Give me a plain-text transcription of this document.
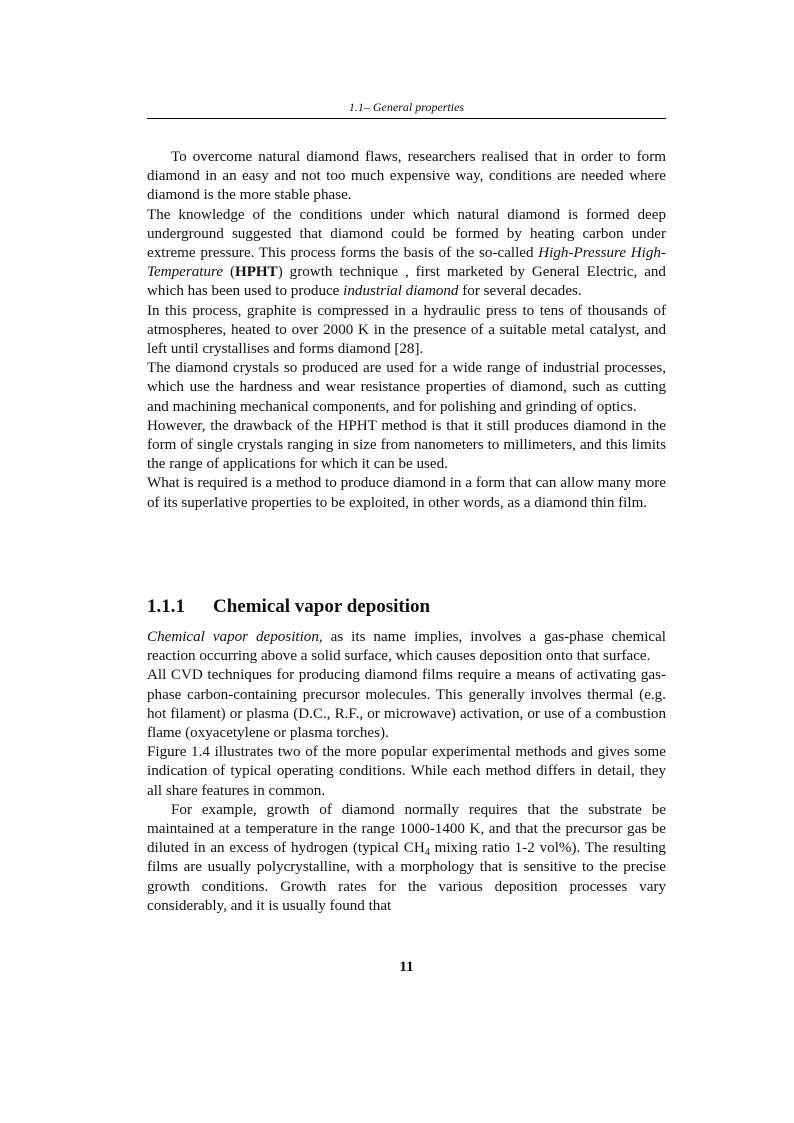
1.1– General properties

To overcome natural diamond flaws, researchers realised that in order to form diamond in an easy and not too much expensive way, conditions are needed where diamond is the more stable phase.

The knowledge of the conditions under which natural diamond is formed deep underground suggested that diamond could be formed by heating carbon under extreme pressure. This process forms the basis of the so-called High-Pressure High-Temperature (HPHT) growth technique , first marketed by General Electric, and which has been used to produce industrial diamond for several decades.

In this process, graphite is compressed in a hydraulic press to tens of thousands of atmospheres, heated to over 2000 K in the presence of a suitable metal catalyst, and left until crystallises and forms diamond [28].

The diamond crystals so produced are used for a wide range of industrial processes, which use the hardness and wear resistance properties of diamond, such as cutting and machining mechanical components, and for polishing and grinding of optics.

However, the drawback of the HPHT method is that it still produces diamond in the form of single crystals ranging in size from nanometers to millimeters, and this limits the range of applications for which it can be used.

What is required is a method to produce diamond in a form that can allow many more of its superlative properties to be exploited, in other words, as a diamond thin film.

1.1.1 Chemical vapor deposition

Chemical vapor deposition, as its name implies, involves a gas-phase chemical reaction occurring above a solid surface, which causes deposition onto that surface.

All CVD techniques for producing diamond films require a means of activating gas-phase carbon-containing precursor molecules. This generally involves thermal (e.g. hot filament) or plasma (D.C., R.F., or microwave) activation, or use of a combustion flame (oxyacetylene or plasma torches).

Figure 1.4 illustrates two of the more popular experimental methods and gives some indication of typical operating conditions. While each method differs in detail, they all share features in common.

For example, growth of diamond normally requires that the substrate be maintained at a temperature in the range 1000-1400 K, and that the precursor gas be diluted in an excess of hydrogen (typical $CH_4$ mixing ratio 1-2 vol%). The resulting films are usually polycrystalline, with a morphology that is sensitive to the precise growth conditions. Growth rates for the various deposition processes vary considerably, and it is usually found that

11
